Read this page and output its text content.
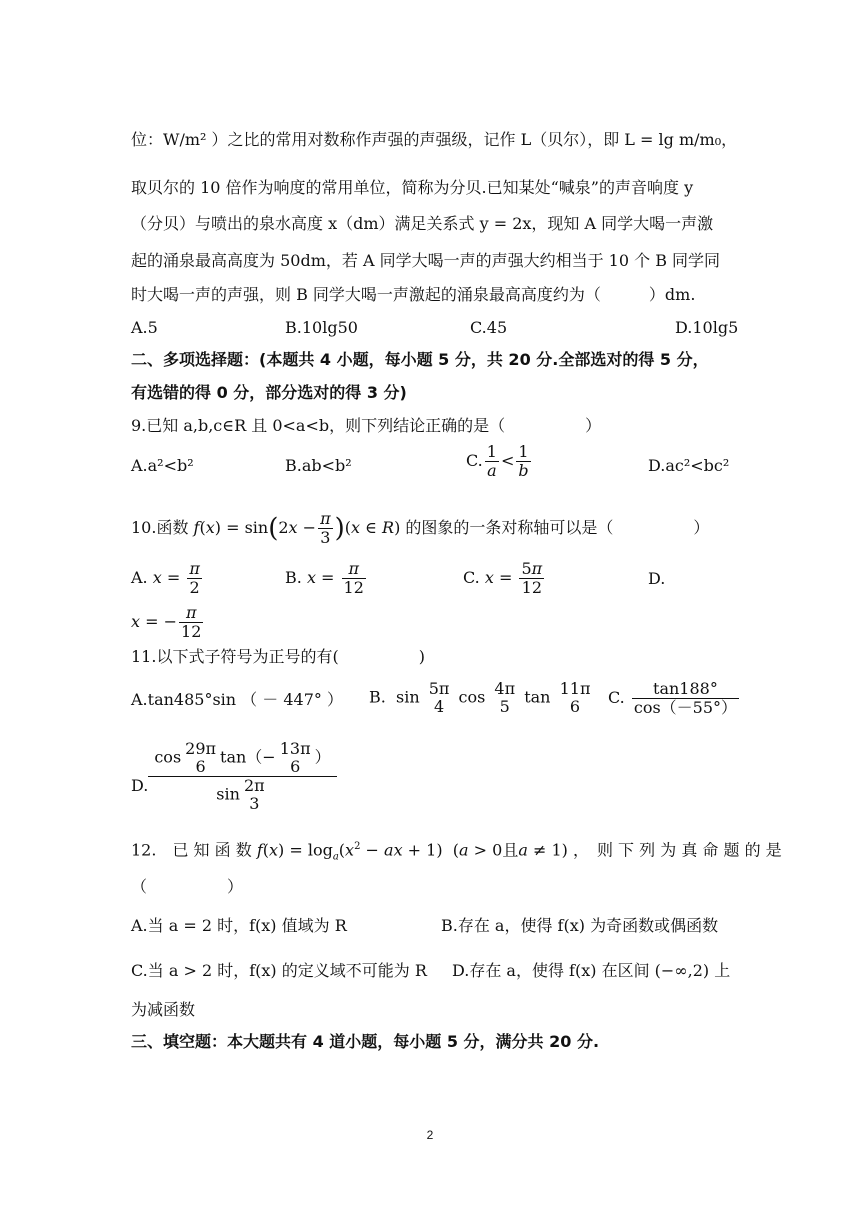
位：W/m² ）之比的常用对数称作声强的声强级，记作 L（贝尔），即 L = lg m/m₀，
取贝尔的 10 倍作为响度的常用单位，简称为分贝.已知某处“喊泉”的声音响度 y
（分贝）与喷出的泉水高度 x（dm）满足关系式 y = 2x，现知 A 同学大喝一声激
起的涌泉最高高度为 50dm，若 A 同学大喝一声的声强大约相当于 10 个 B 同学同
时大喝一声的声强，则 B 同学大喝一声激起的涌泉最高高度约为（　　　）dm.
A.5	B.10lg50	C.45	D.10lg5
二、多项选择题：(本题共 4 小题，每小题 5 分，共 20 分.全部选对的得 5 分，
有选错的得 0 分，部分选对的得 3 分)
9.已知 a,b,c∈R 且 0<a<b，则下列结论正确的是（　　　　　）
A.a²<b²	B.ab<b²	C. $\frac{1}{a} < \frac{1}{b}$	D.ac²<bc²
10.函数 $f(x) = \sin(2x - \frac{\pi}{3} )(x$ ∈ R) 的图象的一条对称轴可以是（　　　　　）
A. $x = \frac{\pi}{2}$	B. $x = \frac{\pi}{12}$	C. $x = \frac{5\pi}{12}$	D.
x = − $\frac{\pi}{12}$
11.以下式子符号为正号的有(　　　　　)
A.tan485°sin （ － 447° ） B.  sin 5π
4 cos 4π
5 tan 11π
6	C. $\frac{\tan 188^\circ}{\cos(-55^\circ)}$
D. cos 29π
6 tan（− 13π
6 ）
sin 2π
3
12.　已 知 函 数 $f(x) = \log_a(x^2$ − ax + 1)  (a > 0且a ≠ 1) ，　则 下 列 为 真 命 题 的 是
（　　　　　）
A.当 a = 2 时，f(x) 值域为 R	B.存在 a，使得 f(x) 为奇函数或偶函数
C.当 a > 2 时，f(x) 的定义域不可能为 R D.存在 a，使得 f(x) 在区间 (−∞,2) 上
为减函数
三、填空题：本大题共有 4 道小题，每小题 5 分，满分共 20 分.
2
